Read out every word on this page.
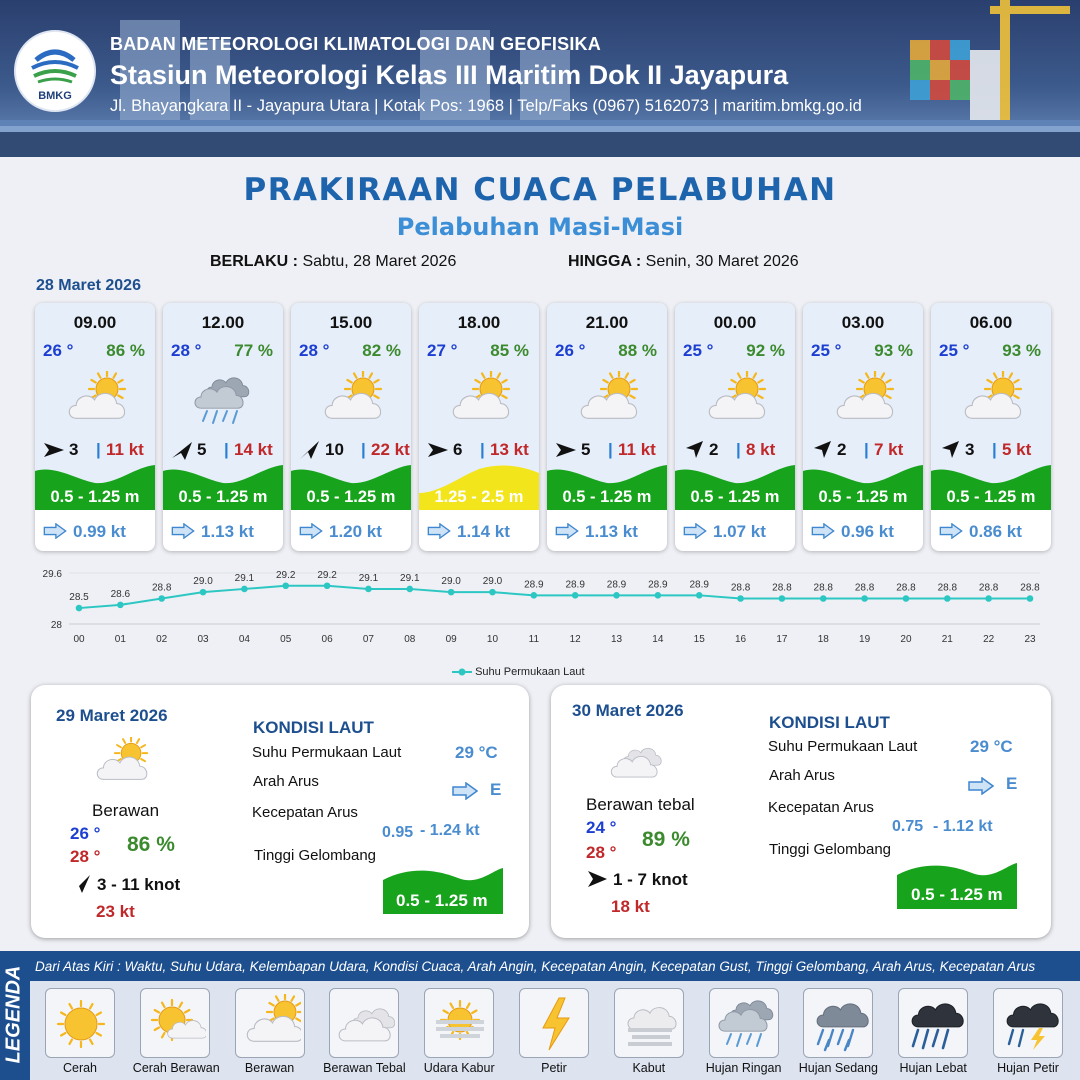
BMKG
BADAN METEOROLOGI KLIMATOLOGI DAN GEOFISIKA
Stasiun Meteorologi Kelas III Maritim Dok II Jayapura
Jl. Bhayangkara II - Jayapura Utara | Kotak Pos: 1968 | Telp/Faks (0967) 5162073 | maritim.bmkg.go.id
PRAKIRAAN CUACA PELABUHAN
Pelabuhan Masi-Masi
BERLAKU : Sabtu, 28 Maret 2026	HINGGA : Senin, 30 Maret 2026
28 Maret 2026
09.00
26 ° 86 %
3 | 11 kt
0.5 - 1.25 m
0.99 kt
12.00
28 ° 77 %
5 | 14 kt
0.5 - 1.25 m
1.13 kt
15.00
28 ° 82 %
10 | 22 kt
0.5 - 1.25 m
1.20 kt
18.00
27 ° 85 %
6 | 13 kt
1.25 - 2.5 m
1.14 kt
21.00
26 ° 88 %
5 | 11 kt
0.5 - 1.25 m
1.13 kt
00.00
25 ° 92 %
2 | 8 kt
0.5 - 1.25 m
1.07 kt
03.00
25 ° 93 %
2 | 7 kt
0.5 - 1.25 m
0.96 kt
06.00
25 ° 93 %
3 | 5 kt
0.5 - 1.25 m
0.86 kt
29.6
28
28.5
00
28.6
01
28.8
02
29.0
03
29.1
04
29.2
05
29.2
06
29.1
07
29.1
08
29.0
09
29.0
10
28.9
11
28.9
12
28.9
13
28.9
14
28.9
15
28.8
16
28.8
17
28.8
18
28.8
19
28.8
20
28.8
21
28.8
22
28.8
23
Suhu Permukaan Laut
29 Maret 2026
Berawan
26 °
28 °
86 %
3 - 11 knot
23 kt
KONDISI LAUT
Suhu Permukaan Laut	29 °C
Arah Arus	E
Kecepatan Arus
0.95 - 1.24 kt
Tinggi Gelombang
0.5 - 1.25 m
30 Maret 2026
Berawan tebal
24 °
28 °
89 %
1 - 7 knot
18 kt
KONDISI LAUT
Suhu Permukaan Laut	29 °C
Arah Arus	E
Kecepatan Arus
0.75 - 1.12 kt
Tinggi Gelombang
0.5 - 1.25 m
LEGENDA Dari Atas Kiri : Waktu, Suhu Udara, Kelembapan Udara, Kondisi Cuaca, Arah Angin, Kecepatan Angin, Kecepatan Gust, Tinggi Gelombang, Arah Arus, Kecepatan Arus
Cerah	Cerah Berawan	Berawan	Berawan Tebal	Udara Kabur	Petir	Kabut	Hujan Ringan	Hujan Sedang	Hujan Lebat	Hujan Petir
